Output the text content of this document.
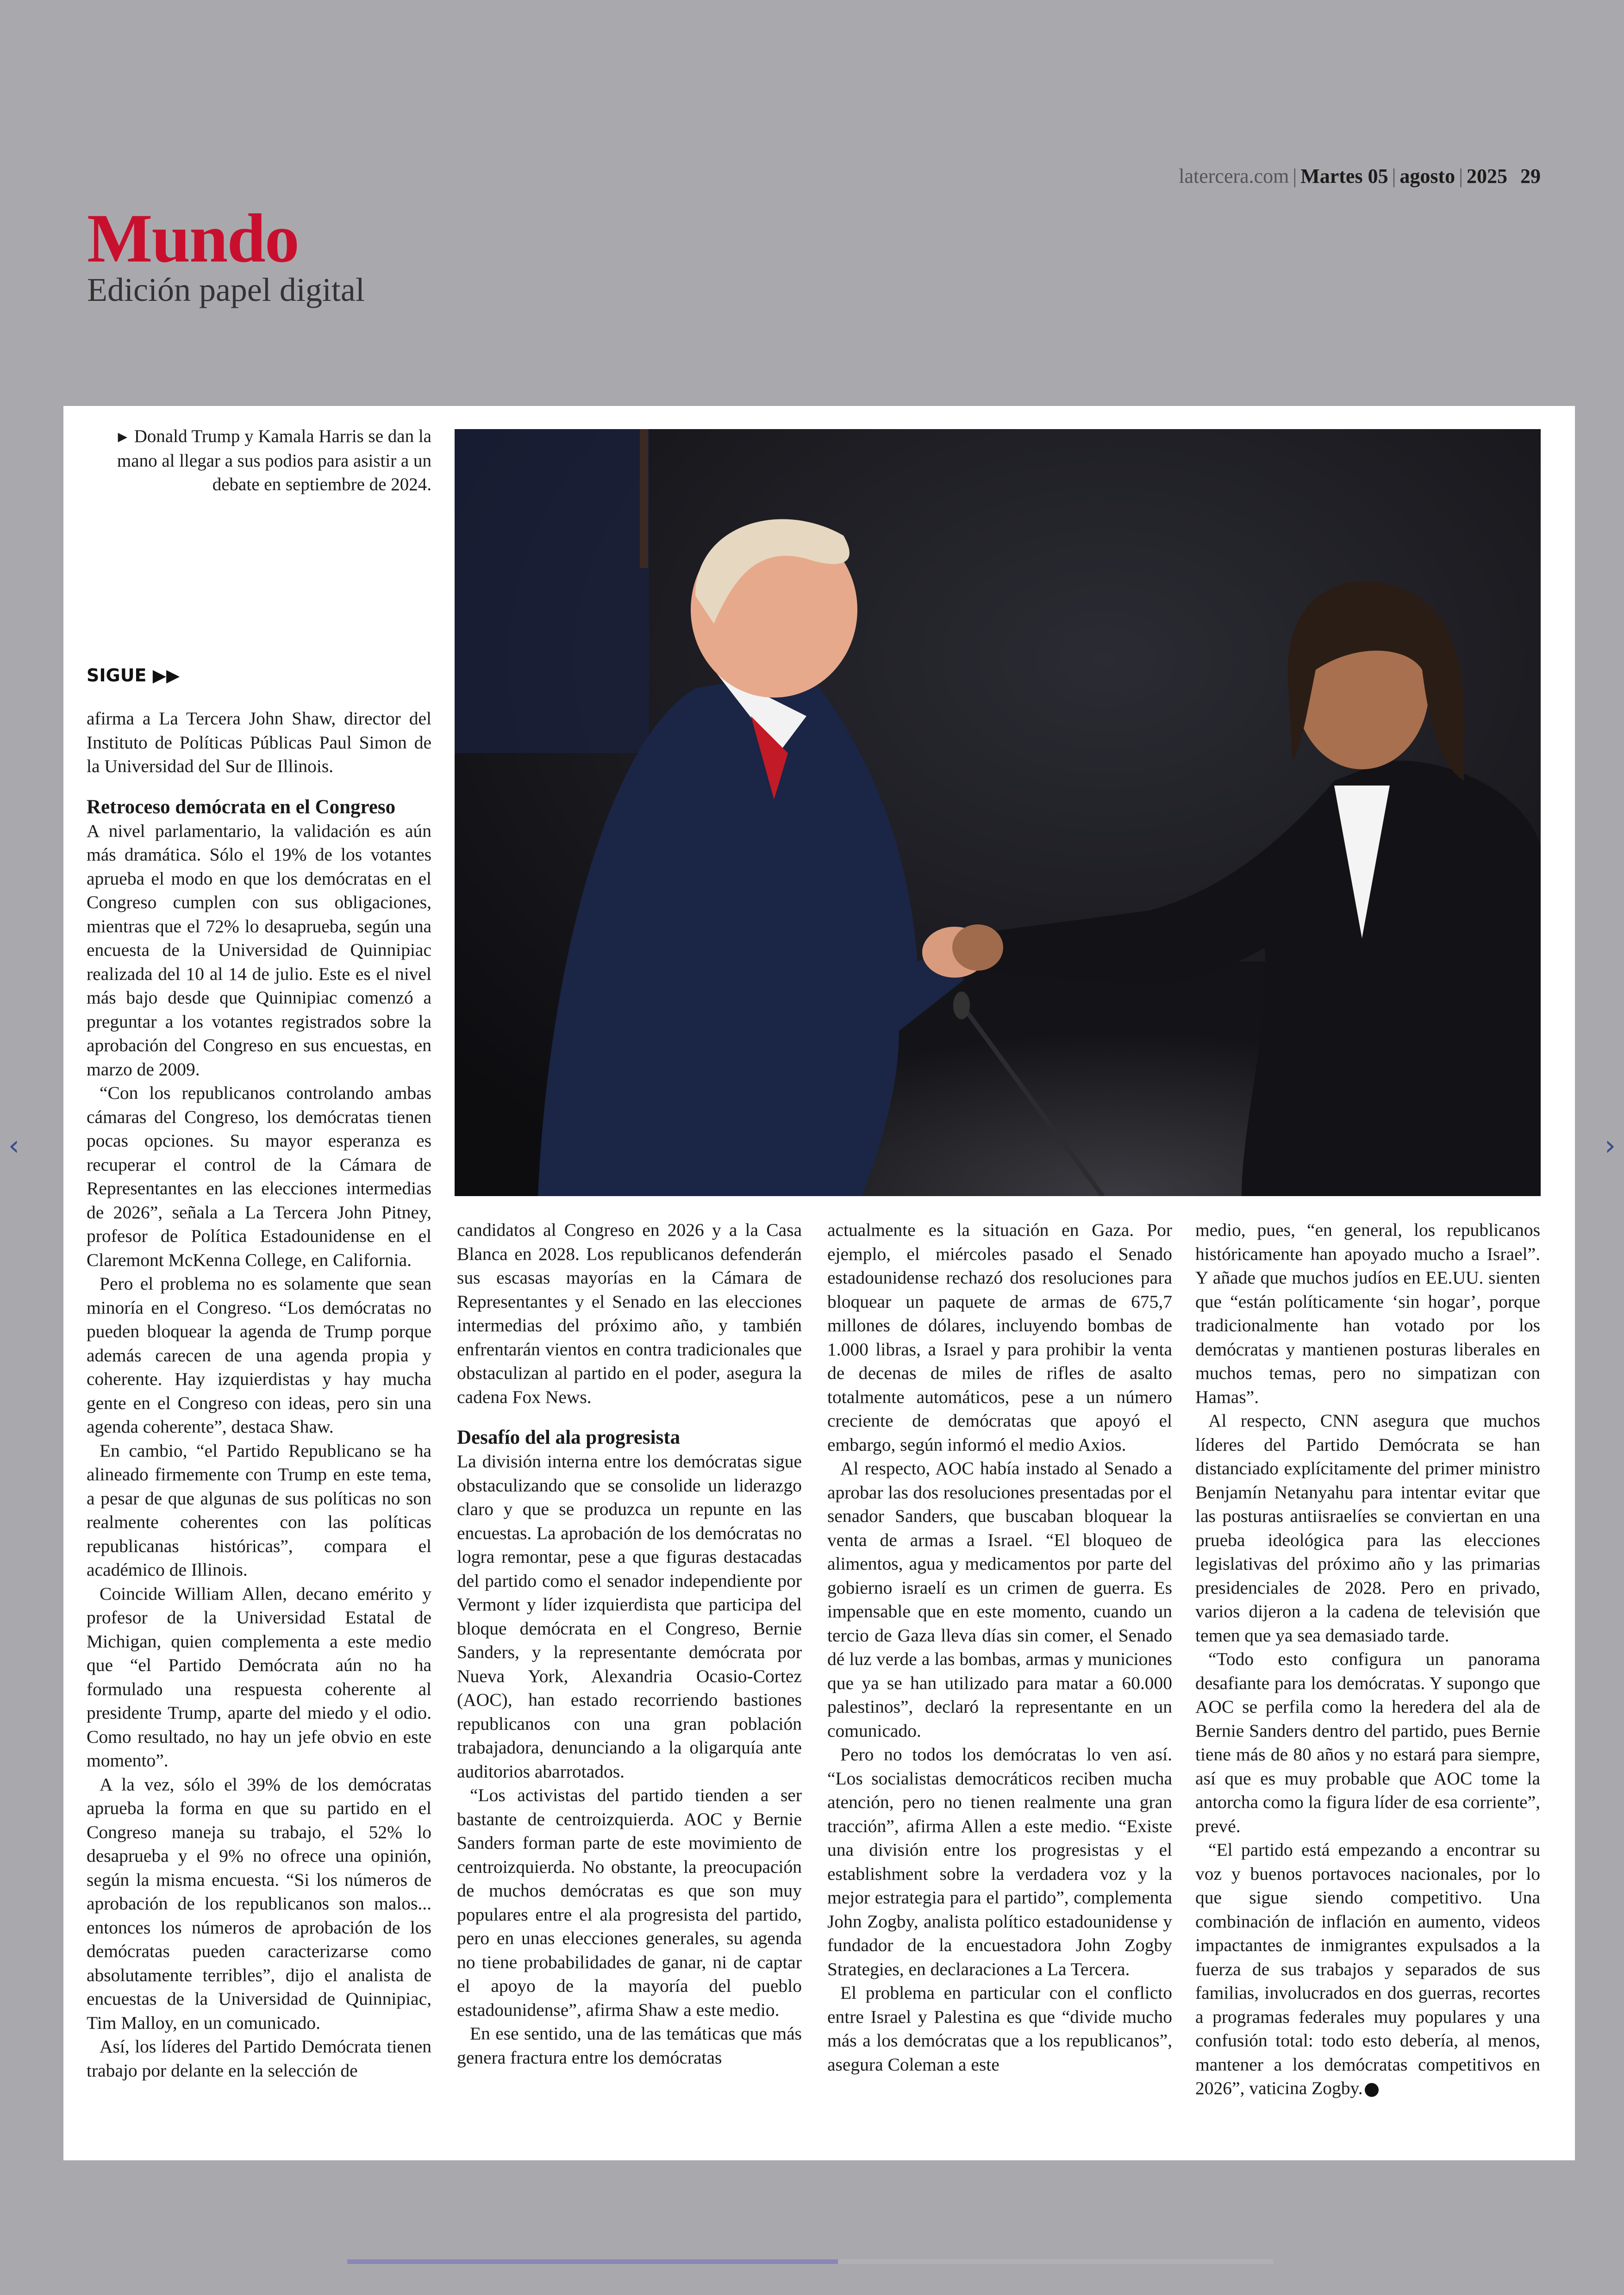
latercera.com | Martes 05 | agosto | 2025 29
Mundo
Edición papel digital
► Donald Trump y Kamala Harris se dan la mano al llegar a sus podios para asistir a un debate en septiembre de 2024.
SIGUE ▶▶

afirma a La Tercera John Shaw, director del Instituto de Políticas Públicas Paul Simon de la Universidad del Sur de Illinois.

Retroceso demócrata en el Congreso

A nivel parlamentario, la validación es aún más dramática. Sólo el 19% de los votantes aprueba el modo en que los demócratas en el Congreso cumplen con sus obligaciones, mientras que el 72% lo desaprueba, según una encuesta de la Universidad de Quinnipiac realizada del 10 al 14 de julio. Este es el nivel más bajo desde que Quinnipiac comenzó a preguntar a los votantes registrados sobre la aprobación del Congreso en sus encuestas, en marzo de 2009.

“Con los republicanos controlando ambas cámaras del Congreso, los demócratas tienen pocas opciones. Su mayor esperanza es recuperar el control de la Cámara de Representantes en las elecciones intermedias de 2026”, señala a La Tercera John Pitney, profesor de Política Estadounidense en el Claremont McKenna College, en California.

Pero el problema no es solamente que sean minoría en el Congreso. “Los demócratas no pueden bloquear la agenda de Trump porque además carecen de una agenda propia y coherente. Hay izquierdistas y hay mucha gente en el Congreso con ideas, pero sin una agenda coherente”, destaca Shaw.

En cambio, “el Partido Republicano se ha alineado firmemente con Trump en este tema, a pesar de que algunas de sus políticas no son realmente coherentes con las políticas republicanas históricas”, compara el académico de Illinois.

Coincide William Allen, decano emérito y profesor de la Universidad Estatal de Michigan, quien complementa a este medio que “el Partido Demócrata aún no ha formulado una respuesta coherente al presidente Trump, aparte del miedo y el odio. Como resultado, no hay un jefe obvio en este momento”.

A la vez, sólo el 39% de los demócratas aprueba la forma en que su partido en el Congreso maneja su trabajo, el 52% lo desaprueba y el 9% no ofrece una opinión, según la misma encuesta. “Si los números de aprobación de los republicanos son malos... entonces los números de aprobación de los demócratas pueden caracterizarse como absolutamente terribles”, dijo el analista de encuestas de la Universidad de Quinnipiac, Tim Malloy, en un comunicado.

Así, los líderes del Partido Demócrata tienen trabajo por delante en la selección de

candidatos al Congreso en 2026 y a la Casa Blanca en 2028. Los republicanos defenderán sus escasas mayorías en la Cámara de Representantes y el Senado en las elecciones intermedias del próximo año, y también enfrentarán vientos en contra tradicionales que obstaculizan al partido en el poder, asegura la cadena Fox News.

Desafío del ala progresista

La división interna entre los demócratas sigue obstaculizando que se consolide un liderazgo claro y que se produzca un repunte en las encuestas. La aprobación de los demócratas no logra remontar, pese a que figuras destacadas del partido como el senador independiente por Vermont y líder izquierdista que participa del bloque demócrata en el Congreso, Bernie Sanders, y la representante demócrata por Nueva York, Alexandria Ocasio-Cortez (AOC), han estado recorriendo bastiones republicanos con una gran población trabajadora, denunciando a la oligarquía ante auditorios abarrotados.

“Los activistas del partido tienden a ser bastante de centroizquierda. AOC y Bernie Sanders forman parte de este movimiento de centroizquierda. No obstante, la preocupación de muchos demócratas es que son muy populares entre el ala progresista del partido, pero en unas elecciones generales, su agenda no tiene probabilidades de ganar, ni de captar el apoyo de la mayoría del pueblo estadounidense”, afirma Shaw a este medio.

En ese sentido, una de las temáticas que más genera fractura entre los demócratas

actualmente es la situación en Gaza. Por ejemplo, el miércoles pasado el Senado estadounidense rechazó dos resoluciones para bloquear un paquete de armas de 675,7 millones de dólares, incluyendo bombas de 1.000 libras, a Israel y para prohibir la venta de decenas de miles de rifles de asalto totalmente automáticos, pese a un número creciente de demócratas que apoyó el embargo, según informó el medio Axios.

Al respecto, AOC había instado al Senado a aprobar las dos resoluciones presentadas por el senador Sanders, que buscaban bloquear la venta de armas a Israel. “El bloqueo de alimentos, agua y medicamentos por parte del gobierno israelí es un crimen de guerra. Es impensable que en este momento, cuando un tercio de Gaza lleva días sin comer, el Senado dé luz verde a las bombas, armas y municiones que ya se han utilizado para matar a 60.000 palestinos”, declaró la representante en un comunicado.

Pero no todos los demócratas lo ven así. “Los socialistas democráticos reciben mucha atención, pero no tienen realmente una gran tracción”, afirma Allen a este medio. “Existe una división entre los progresistas y el establishment sobre la verdadera voz y la mejor estrategia para el partido”, complementa John Zogby, analista político estadounidense y fundador de la encuestadora John Zogby Strategies, en declaraciones a La Tercera.

El problema en particular con el conflicto entre Israel y Palestina es que “divide mucho más a los demócratas que a los republicanos”, asegura Coleman a este

medio, pues, “en general, los republicanos históricamente han apoyado mucho a Israel”. Y añade que muchos judíos en EE.UU. sienten que “están políticamente ‘sin hogar’, porque tradicionalmente han votado por los demócratas y mantienen posturas liberales en muchos temas, pero no simpatizan con Hamas”.

Al respecto, CNN asegura que muchos líderes del Partido Demócrata se han distanciado explícitamente del primer ministro Benjamín Netanyahu para intentar evitar que las posturas antiisraelíes se conviertan en una prueba ideológica para las elecciones legislativas del próximo año y las primarias presidenciales de 2028. Pero en privado, varios dijeron a la cadena de televisión que temen que ya sea demasiado tarde.

“Todo esto configura un panorama desafiante para los demócratas. Y supongo que AOC se perfila como la heredera del ala de Bernie Sanders dentro del partido, pues Bernie tiene más de 80 años y no estará para siempre, así que es muy probable que AOC tome la antorcha como la figura líder de esa corriente”, prevé.

“El partido está empezando a encontrar su voz y buenos portavoces nacionales, por lo que sigue siendo competitivo. Una combinación de inflación en aumento, videos impactantes de inmigrantes expulsados a la fuerza de sus trabajos y separados de sus familias, involucrados en dos guerras, recortes a programas federales muy populares y una confusión total: todo esto debería, al menos, mantener a los demócratas competitivos en 2026”, vaticina Zogby.

‹	›
